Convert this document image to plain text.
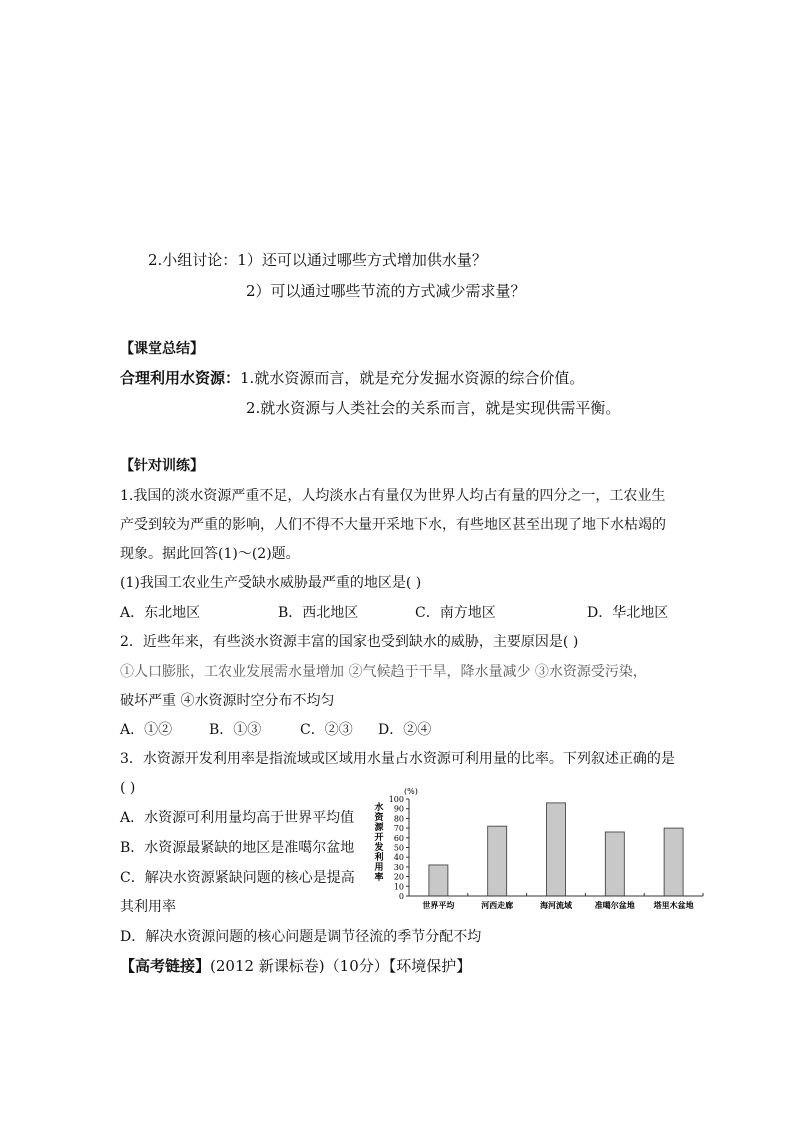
2.小组讨论：1）还可以通过哪些方式增加供水量？
2）可以通过哪些节流的方式减少需求量？
【课堂总结】
合理利用水资源：1.就水资源而言，就是充分发掘水资源的综合价值。
2.就水资源与人类社会的关系而言，就是实现供需平衡。
【针对训练】
1.我国的淡水资源严重不足，人均淡水占有量仅为世界人均占有量的四分之一，工农业生
产受到较为严重的影响，人们不得不大量开采地下水，有些地区甚至出现了地下水枯竭的
现象。据此回答(1)～(2)题。
(1)我国工农业生产受缺水威胁最严重的地区是( )
A．东北地区	B．西北地区	C．南方地区	D．华北地区
2．近些年来，有些淡水资源丰富的国家也受到缺水的威胁，主要原因是( )
①人口膨胀，工农业发展需水量增加 ②气候趋于干旱，降水量减少 ③水资源受污染，
破坏严重 ④水资源时空分布不均匀
A．①②	B．①③	C．②③ D．②④
3．水资源开发利用率是指流域或区域用水量占水资源可利用量的比率。下列叙述正确的是
( )
A．水资源可利用量均高于世界平均值
B．水资源最紧缺的地区是准噶尔盆地
C．解决水资源紧缺问题的核心是提高
其利用率
D．解决水资源问题的核心问题是调节径流的季节分配不均
【高考链接】(2012 新课标卷)（10分）【环境保护】
水
资
源
开
发
利
用
率
(%)
0
10
20
30
40
50
60
70
80
90
100
世界平均	河西走廊	海河流域	准噶尔盆地 塔里木盆地
